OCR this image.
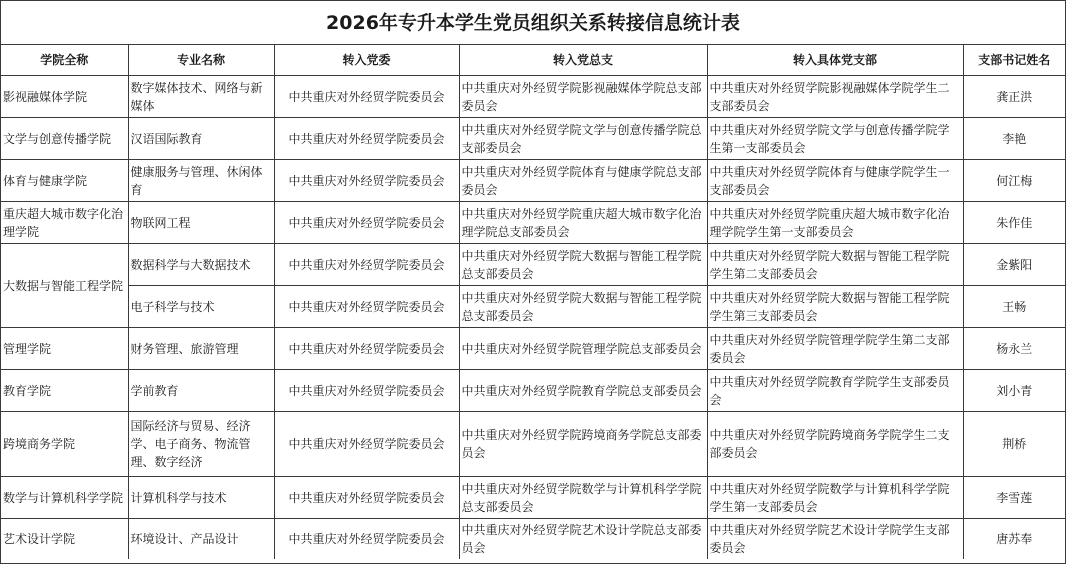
2026年专升本学生党员组织关系转接信息统计表
学院全称	专业名称	转入党委	转入党总支	转入具体党支部	支部书记姓名
影视融媒体学院	数字媒体技术、网络与新媒体	中共重庆对外经贸学院委员会	中共重庆对外经贸学院影视融媒体学院总支部委员会	中共重庆对外经贸学院影视融媒体学院学生二支部委员会	龚正洪
文学与创意传播学院	汉语国际教育	中共重庆对外经贸学院委员会	中共重庆对外经贸学院文学与创意传播学院总支部委员会	中共重庆对外经贸学院文学与创意传播学院学生第一支部委员会	李艳
体育与健康学院	健康服务与管理、休闲体育	中共重庆对外经贸学院委员会	中共重庆对外经贸学院体育与健康学院总支部委员会	中共重庆对外经贸学院体育与健康学院学生一支部委员会	何江梅
重庆超大城市数字化治理学院	物联网工程	中共重庆对外经贸学院委员会	中共重庆对外经贸学院重庆超大城市数字化治理学院总支部委员会	中共重庆对外经贸学院重庆超大城市数字化治理学院学生第一支部委员会	朱作佳
大数据与智能工程学院	数据科学与大数据技术	中共重庆对外经贸学院委员会	中共重庆对外经贸学院大数据与智能工程学院总支部委员会	中共重庆对外经贸学院大数据与智能工程学院学生第二支部委员会	金紫阳
	电子科学与技术	中共重庆对外经贸学院委员会	中共重庆对外经贸学院大数据与智能工程学院总支部委员会	中共重庆对外经贸学院大数据与智能工程学院学生第三支部委员会	王畅
管理学院	财务管理、旅游管理	中共重庆对外经贸学院委员会	中共重庆对外经贸学院管理学院总支部委员会	中共重庆对外经贸学院管理学院学生第二支部委员会	杨永兰
教育学院	学前教育	中共重庆对外经贸学院委员会	中共重庆对外经贸学院教育学院总支部委员会	中共重庆对外经贸学院教育学院学生支部委员会	刘小青
跨境商务学院	国际经济与贸易、经济学、电子商务、物流管理、数字经济	中共重庆对外经贸学院委员会	中共重庆对外经贸学院跨境商务学院总支部委员会	中共重庆对外经贸学院跨境商务学院学生二支部委员会	荆桥
数学与计算机科学学院	计算机科学与技术	中共重庆对外经贸学院委员会	中共重庆对外经贸学院数学与计算机科学学院总支部委员会	中共重庆对外经贸学院数学与计算机科学学院学生第一支部委员会	李雪莲
艺术设计学院	环境设计、产品设计	中共重庆对外经贸学院委员会	中共重庆对外经贸学院艺术设计学院总支部委员会	中共重庆对外经贸学院艺术设计学院学生支部委员会	唐苏奉
